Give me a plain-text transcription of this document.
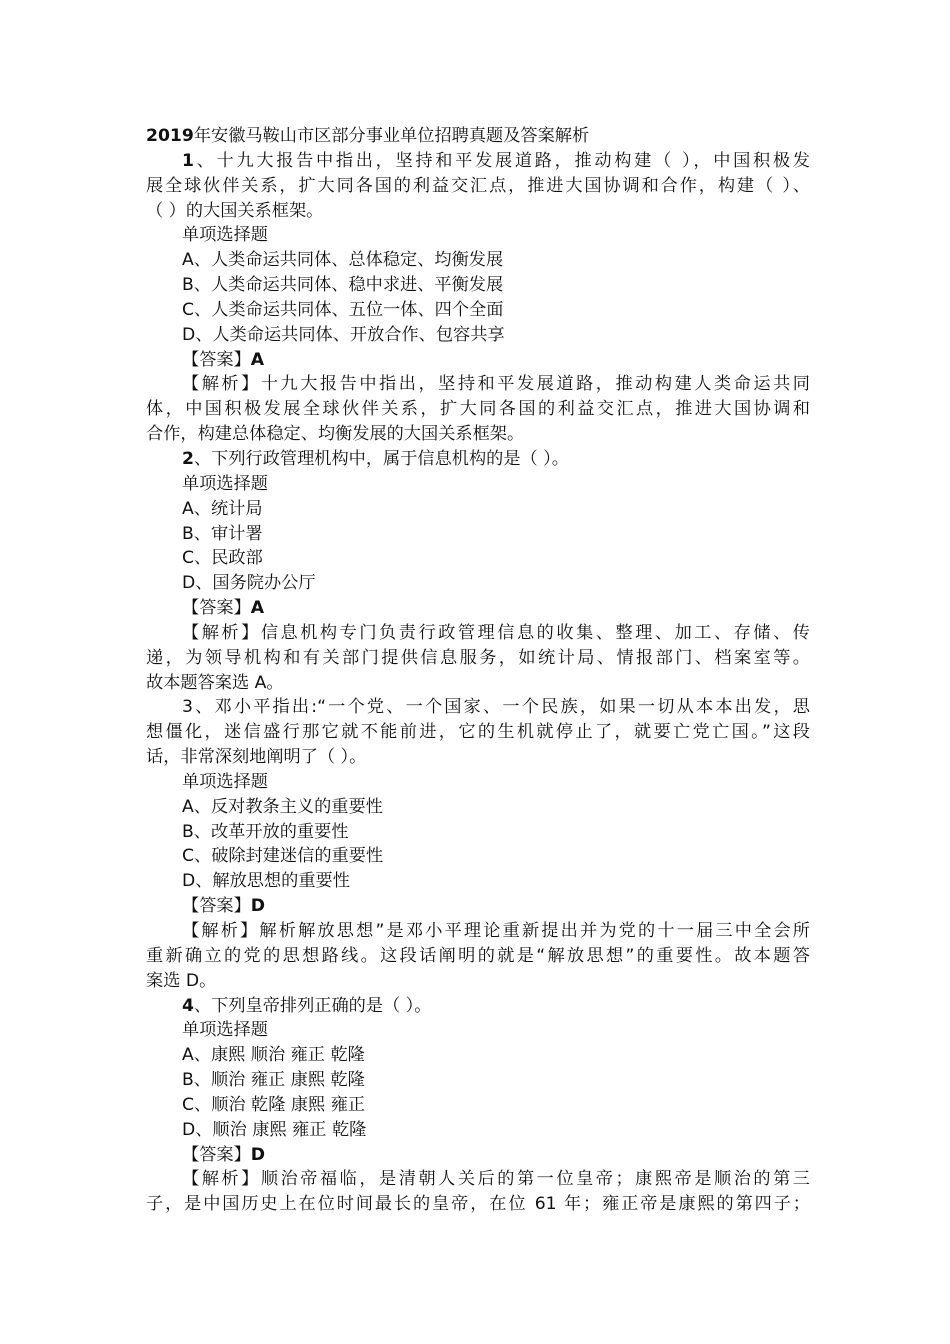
2019年安徽马鞍山市区部分事业单位招聘真题及答案解析
1、十九大报告中指出，坚持和平发展道路，推动构建（ ），中国积极发
展全球伙伴关系，扩大同各国的利益交汇点，推进大国协调和合作，构建（ ）、
（ ）的大国关系框架。
单项选择题
A、人类命运共同体、总体稳定、均衡发展
B、人类命运共同体、稳中求进、平衡发展
C、人类命运共同体、五位一体、四个全面
D、人类命运共同体、开放合作、包容共享
【答案】A
【解析】十九大报告中指出，坚持和平发展道路，推动构建人类命运共同
体，中国积极发展全球伙伴关系，扩大同各国的利益交汇点，推进大国协调和
合作，构建总体稳定、均衡发展的大国关系框架。
2、下列行政管理机构中，属于信息机构的是（ ）。
单项选择题
A、统计局
B、审计署
C、民政部
D、国务院办公厅
【答案】A
【解析】信息机构专门负责行政管理信息的收集、整理、加工、存储、传
递，为领导机构和有关部门提供信息服务，如统计局、情报部门、档案室等。
故本题答案选 A。
3、邓小平指出:“一个党、一个国家、一个民族，如果一切从本本出发，思
想僵化，迷信盛行那它就不能前进，它的生机就停止了，就要亡党亡国。”这段
话，非常深刻地阐明了（ ）。
单项选择题
A、反对教条主义的重要性
B、改革开放的重要性
C、破除封建迷信的重要性
D、解放思想的重要性
【答案】D
【解析】解析解放思想”是邓小平理论重新提出并为党的十一届三中全会所
重新确立的党的思想路线。这段话阐明的就是“解放思想”的重要性。故本题答
案选 D。
4、下列皇帝排列正确的是（ ）。
单项选择题
A、康熙 顺治 雍正 乾隆
B、顺治 雍正 康熙 乾隆
C、顺治 乾隆 康熙 雍正
D、顺治 康熙 雍正 乾隆
【答案】D
【解析】顺治帝福临，是清朝人关后的第一位皇帝；康熙帝是顺治的第三
子，是中国历史上在位时间最长的皇帝，在位 61 年；雍正帝是康熙的第四子；
